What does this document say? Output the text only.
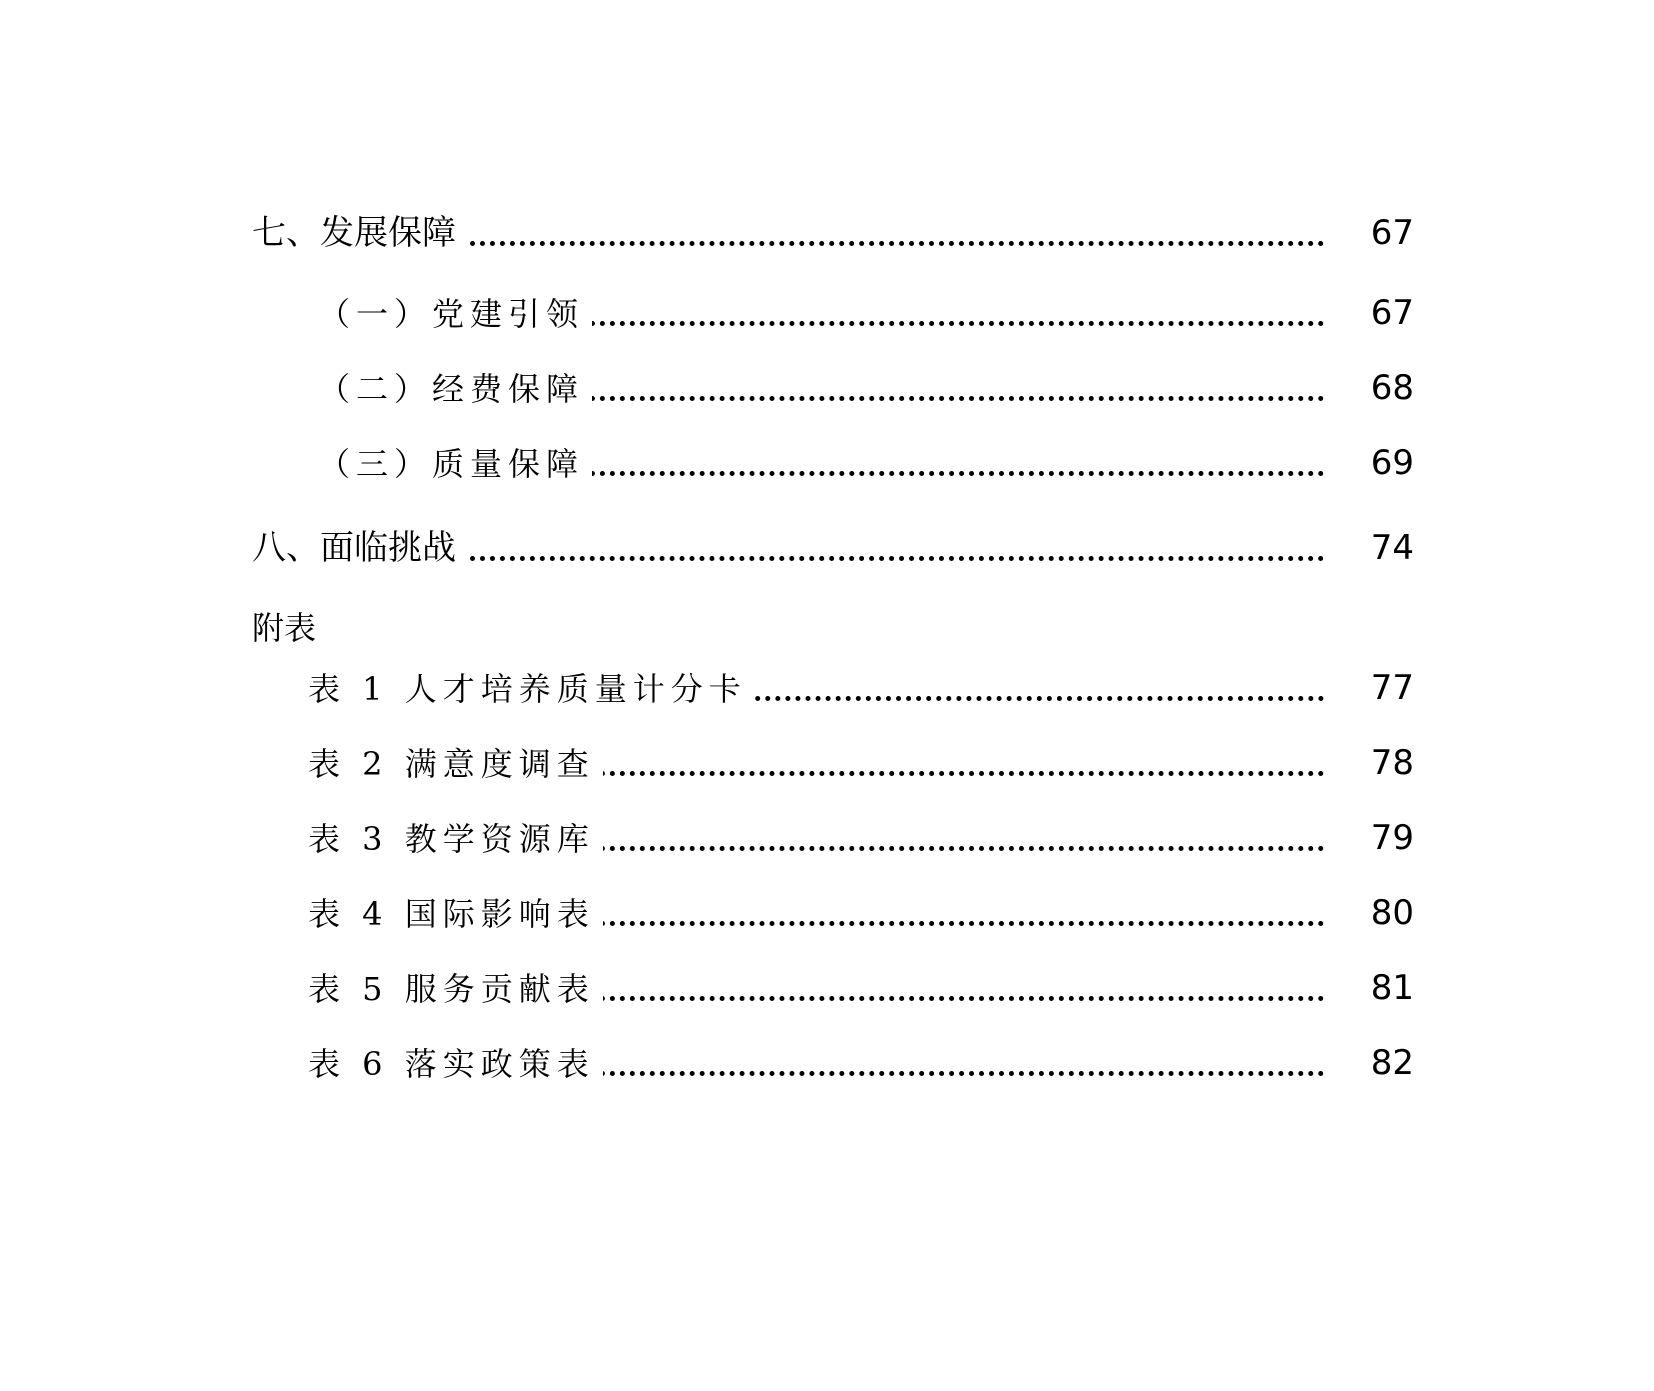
七、发展保障	67
（一）党建引领	67
（二）经费保障	68
（三）质量保障	69
八、面临挑战	74
附表
表 1 人才培养质量计分卡	77
表 2 满意度调查	78
表 3 教学资源库	79
表 4 国际影响表	80
表 5 服务贡献表	81
表 6 落实政策表	82
